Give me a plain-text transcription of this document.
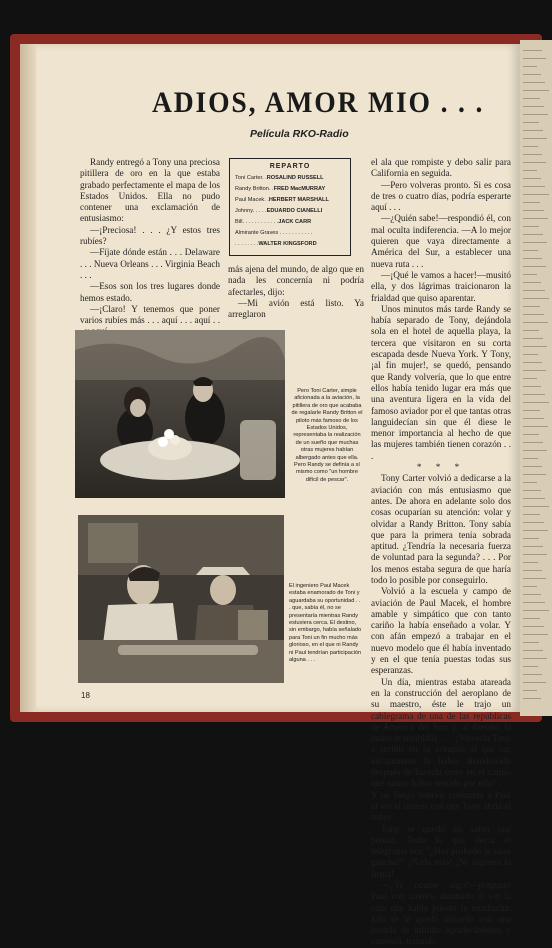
ADIOS, AMOR MIO . . .
Película RKO-Radio

Randy entregó a Tony una preciosa pitillera de oro en la que estaba grabado perfectamente el mapa de los Estados Unidos. Ella no pudo contener una exclamación de entusiasmo:

—¡Preciosa! . . . ¿Y estos tres rubíes?

—Fíjate dónde están . . . Delaware . . . Nueva Orleans . . . Virginia Beach . . .

—Esos son los tres lugares donde hemos estado.

—¡Claro! Y tenemos que poner varios rubíes más . . . aquí . . . aquí . .

REPARTO
Toni Carter. .ROSALIND RUSSELL
Randy Britton. .FRED MacMURRAY
Paul Macek. .HERBERT MARSHALL
Johnny. . . . .EDUARDO CIANELLI
Bill. . . . . . . . . . . .JACK CARR
Almirante Graves . . . . . . . . . . .
. . . . . . . .WALTER KINGSFORD

más ajena del mundo, de algo que en nada les concernía ni podría afectarles, dijo:

—Mi avión está listo. Ya arreglaron

el ala que rompiste y debo salir para California en seguida.

—Pero volveras pronto. Si es cosa de tres o cuatro días, podría esperarte aquí . . .

—¿Quién sabe!—respondió él, con mal oculta indiferencia. —A lo mejor quieren que vaya directamente a América del Sur, a establecer una nueva ruta . . .

—¡Qué le vamos a hacer!—musitó ella, y dos lágrimas traicionaron la frialdad que quiso aparentar.

Unos minutos más tarde Randy se había separado de Tony, dejándola sola en el hotel de aquella playa, la tercera que visitaron en su corta escapada desde Nueva York. Y Tony, ¡al fin mujer!, se quedó, pensando que Randy volvería, que lo que entre ellos había tenido lugar era más que una aventura ligera en la vida del famoso aviador por el que tantas otras languidecían sin que él diese le menor importancia al hecho de que las mujeres también tienen corazón . . .

* * *

Tony Carter volvió a dedicarse a la aviación con más entusiasmo que antes. De ahora en adelante solo dos cosas ocuparían su atención: volar y olvidar a Randy Britton. Tony sabía que para la primera tenía sobrada aptitud. ¿Tendría la necesaria fuerza de voluntad para la segunda? . . . Por los menos estaba segura de que haría todo lo posible por conseguirlo.

Volvió a la escuela y campo de aviación de Paul Macek, el hombre amable y simpático que con tanto cariño la había enseñado a volar. Y con afán empezó a trabajar en el nuevo modelo que él había inventado y en el que tenía puestas todas sus esperanzas.

Un día, mientras estaba atareada en la construcción del aeroplano de su maestro, éste le trajo un cablegrama de una de las repúblicas de América del Sur; y, al dárselo, la mano le temblaba . . . ¡Volvería Tony a recibir en su corazón al que tan inicuamente la había abandonado después de hacerla creer en el cariño que nunca había sentido por ella? . . . Y un fuego interior consumía a Paul al ver el interés con que Tony abría el sobre.

Tony se quedó sin saber qué pensar. Todo lo que decía el telegrama era: "¿Has probado la salsa gaucha?" ¡Nada más! ¡Ni siquiera la firma!

—¿Te ocurre algo?—preguntó Paul con interés, alarmado al ver la cara que había puesto la muchacha. Ella se le quedó mirando con una mirada de infinito agradecimiento y contestó, tratando

Pero Toni Carter, simple aficionada a la aviación, la pitillera de oro que acababa de regalarle Randy Britton el piloto más famoso de los Estados Unidos, representaba la realización de un sueño que muchas otras mujeres habían albergado antes que ella. Pero Randy se definía a sí mismo como "un hombre difícil de pescar".
El ingeniero Paul Macek estaba enamorado de Toni y aguardaba su oportunidad . . . que, sabía él, no se presentaría mientras Randy estuviera cerca. El destino, sin embargo, había señalado para Toni un fin mucho más glorioso, en el que ni Randy ni Paul tendrían participación alguna . . .
18
